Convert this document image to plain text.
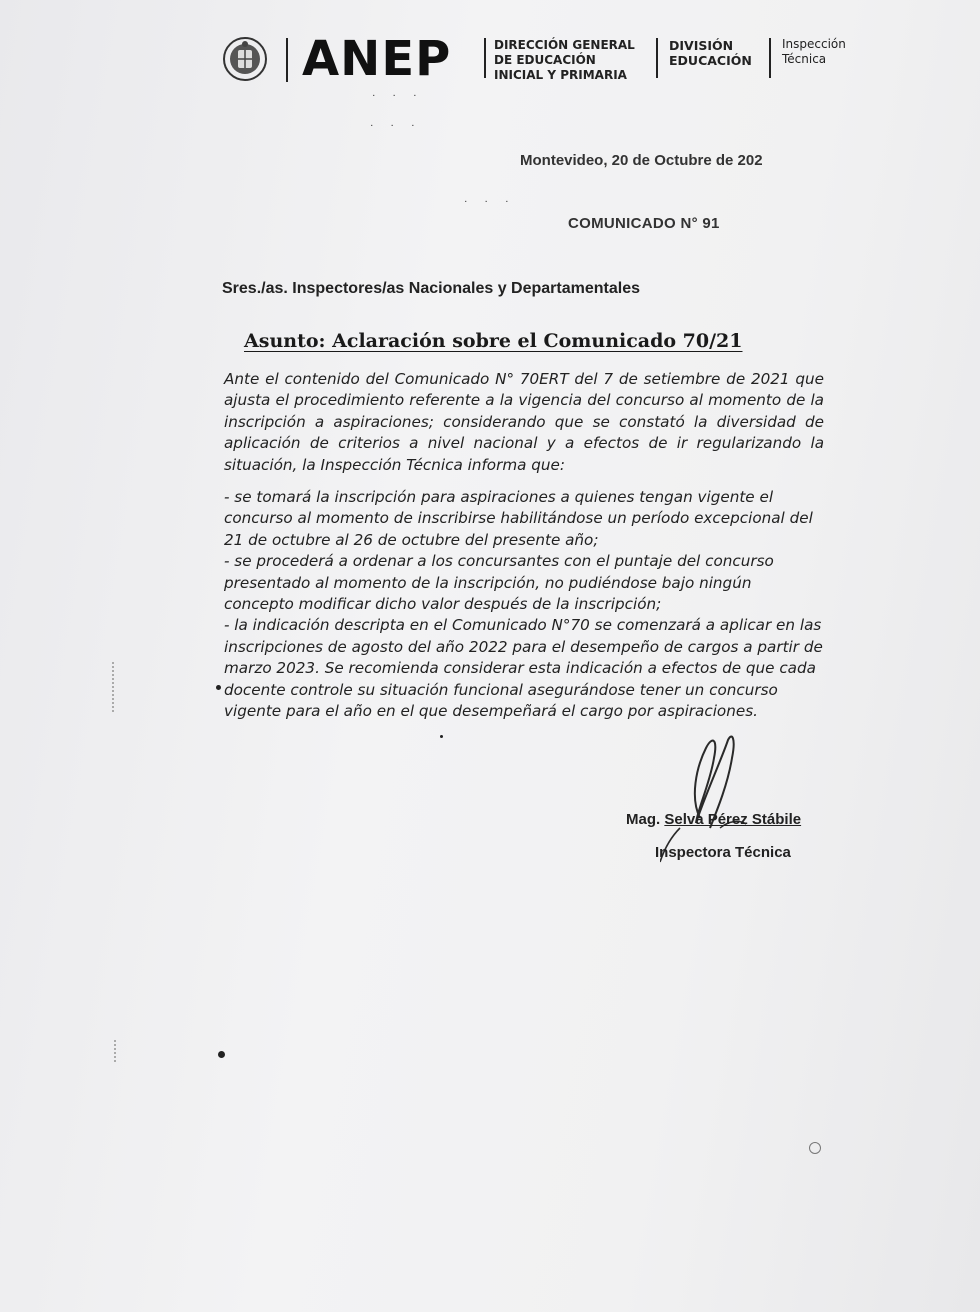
ANEP	DIRECCIÓN GENERAL
DE EDUCACIÓN
INICIAL Y PRIMARIA
DIVISIÓN
EDUCACIÓN
Inspección
Técnica
˙ ˙ ˙
˙ ˙ ˙
˙ ˙ ˙
Montevideo, 20 de Octubre de 202
COMUNICADO N° 91
Sres./as. Inspectores/as Nacionales y Departamentales
Asunto: Aclaración sobre el Comunicado 70/21
Ante el contenido del Comunicado N° 70ERT del 7 de setiembre de 2021 que ajusta el procedimiento referente a la vigencia del concurso al momento de la inscripción a aspiraciones; considerando que se constató la diversidad de aplicación de criterios a nivel nacional y a efectos de ir regularizando la situación, la Inspección Técnica informa que:

- se tomará la inscripción para aspiraciones a quienes tengan vigente el concurso al momento de inscribirse habilitándose un período excepcional del 21 de octubre al 26 de octubre del presente año;

- se procederá a ordenar a los concursantes con el puntaje del concurso presentado al momento de la inscripción, no pudiéndose bajo ningún concepto modificar dicho valor después de la inscripción;

- la indicación descripta en el Comunicado N°70 se comenzará a aplicar en las inscripciones de agosto del año 2022 para el desempeño de cargos a partir de marzo 2023. Se recomienda considerar esta indicación a efectos de que cada docente controle su situación funcional asegurándose tener un concurso vigente para el año en el que desempeñará el cargo por aspiraciones.

Mag. Selva Pérez Stábile
Inspectora Técnica
